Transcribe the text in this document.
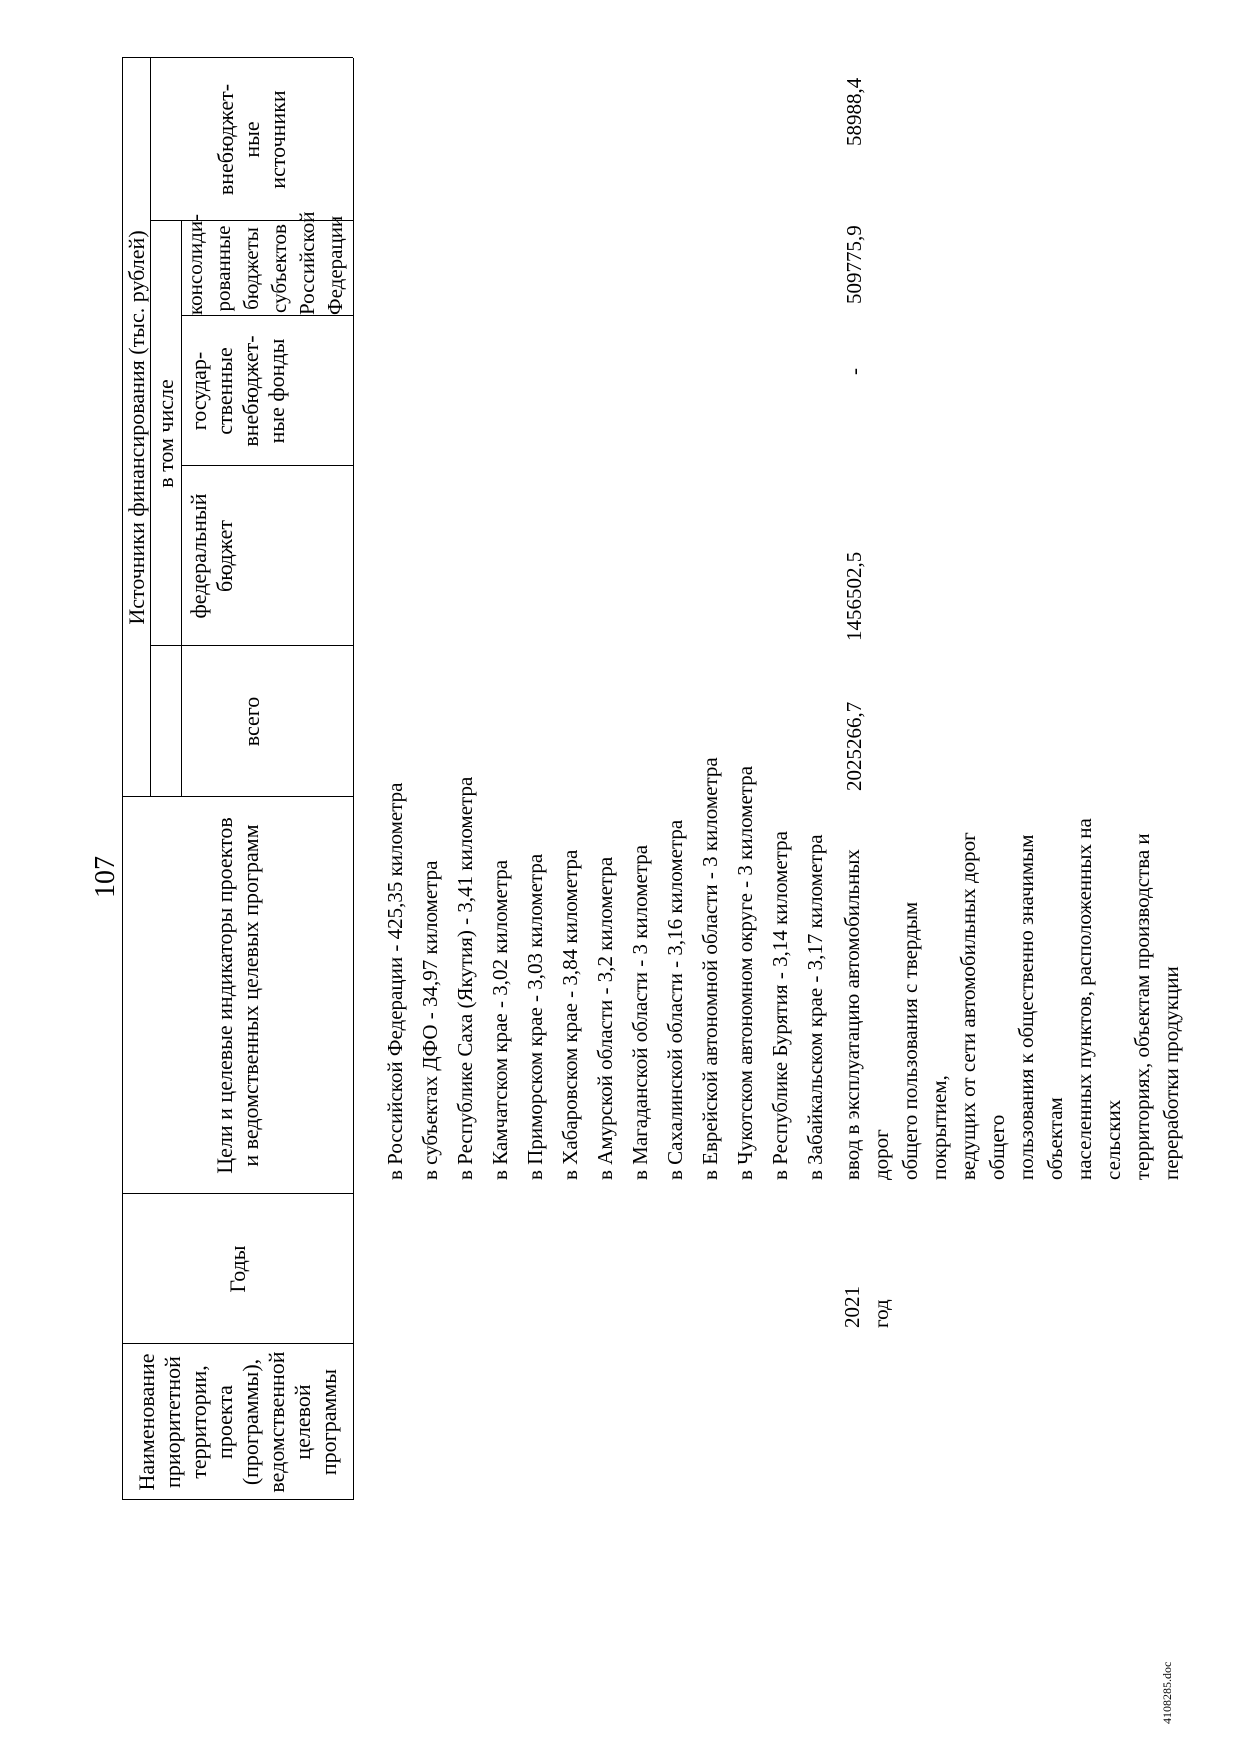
107
Наименование
приоритетной
территории, проекта
(программы),
ведомственной
целевой программы
Годы
Цели и целевые индикаторы проектов
и ведомственных целевых программ
Источники финансирования (тыс. рублей)
всего
в том числе
федеральный
бюджет
государ-
ственные
внебюджет-
ные фонды
консолиди-
рованные
бюджеты
субъектов
Российской
Федерации
внебюджет-
ные
источники
в Российской Федерации - 425,35 километра в субъектах ДФО - 34,97 километра в Республике Саха (Якутия) - 3,41 километра в Камчатском крае - 3,02 километра в Приморском крае - 3,03 километра в Хабаровском крае - 3,84 километра в Амурской области - 3,2 километра в Магаданской области - 3 километра в Сахалинской области - 3,16 километра в Еврейской автономной области - 3 километра в Чукотском автономном округе - 3 километра в Республике Бурятия - 3,14 километра в Забайкальском крае - 3,17 километра
2021
год
ввод в эксплуатацию автомобильных дорог
общего пользования с твердым покрытием,
ведущих от сети автомобильных дорог общего
пользования к общественно значимым объектам
населенных пунктов, расположенных на сельских
территориях, объектам производства и
переработки продукции
2025266,7
1456502,5
-
509775,9
58988,4
4108285.doc
